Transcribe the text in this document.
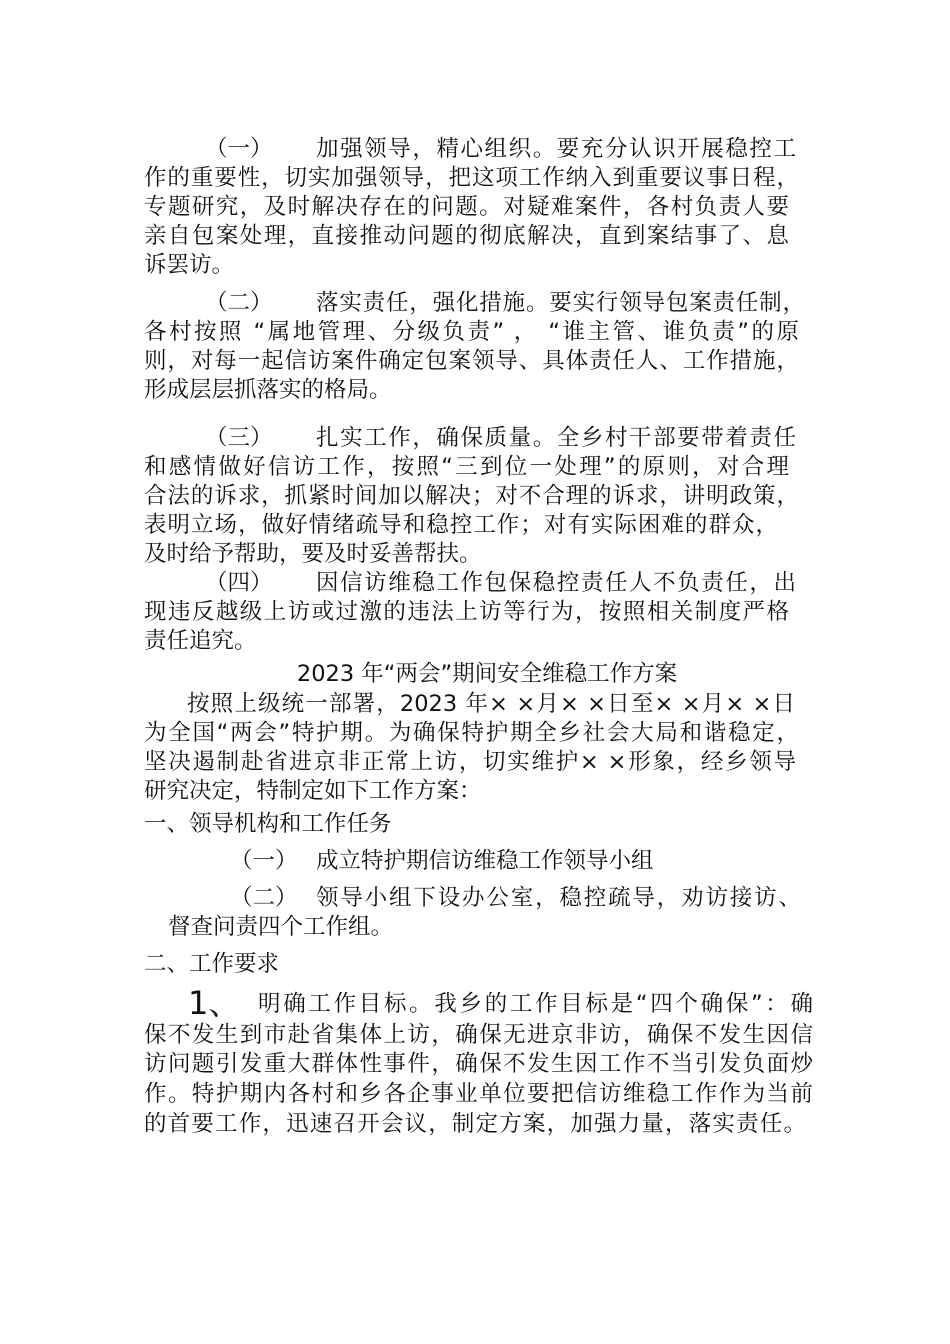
（一） 加强领导，精心组织。要充分认识开展稳控工
作的重要性，切实加强领导，把这项工作纳入到重要议事日程，
专题研究，及时解决存在的问题。对疑难案件，各村负责人要
亲自包案处理，直接推动问题的彻底解决，直到案结事了、息
诉罢访。
（二） 落实责任，强化措施。要实行领导包案责任制，
各村按照 “属地管理、分级负责” ， “谁主管、谁负责”的原
则，对每一起信访案件确定包案领导、具体责任人、工作措施，
形成层层抓落实的格局。
（三） 扎实工作，确保质量。全乡村干部要带着责任
和感情做好信访工作，按照“三到位一处理”的原则，对合理
合法的诉求，抓紧时间加以解决；对不合理的诉求，讲明政策，
表明立场，做好情绪疏导和稳控工作；对有实际困难的群众，
及时给予帮助，要及时妥善帮扶。
（四） 因信访维稳工作包保稳控责任人不负责任，出
现违反越级上访或过激的违法上访等行为，按照相关制度严格
责任追究。
2023 年“两会”期间安全维稳工作方案
按照上级统一部署，2023 年× ×月× ×日至× ×月× ×日
为全国“两会”特护期。为确保特护期全乡社会大局和谐稳定，
坚决遏制赴省进京非正常上访，切实维护× ×形象，经乡领导
研究决定，特制定如下工作方案：
一、领导机构和工作任务
（一） 成立特护期信访维稳工作领导小组
（二） 领导小组下设办公室，稳控疏导，劝访接访、
督查问责四个工作组。
二、工作要求
1、 明确工作目标。我乡的工作目标是“四个确保”：确
保不发生到市赴省集体上访，确保无进京非访，确保不发生因信
访问题引发重大群体性事件，确保不发生因工作不当引发负面炒
作。特护期内各村和乡各企事业单位要把信访维稳工作作为当前
的首要工作，迅速召开会议，制定方案，加强力量，落实责任。
